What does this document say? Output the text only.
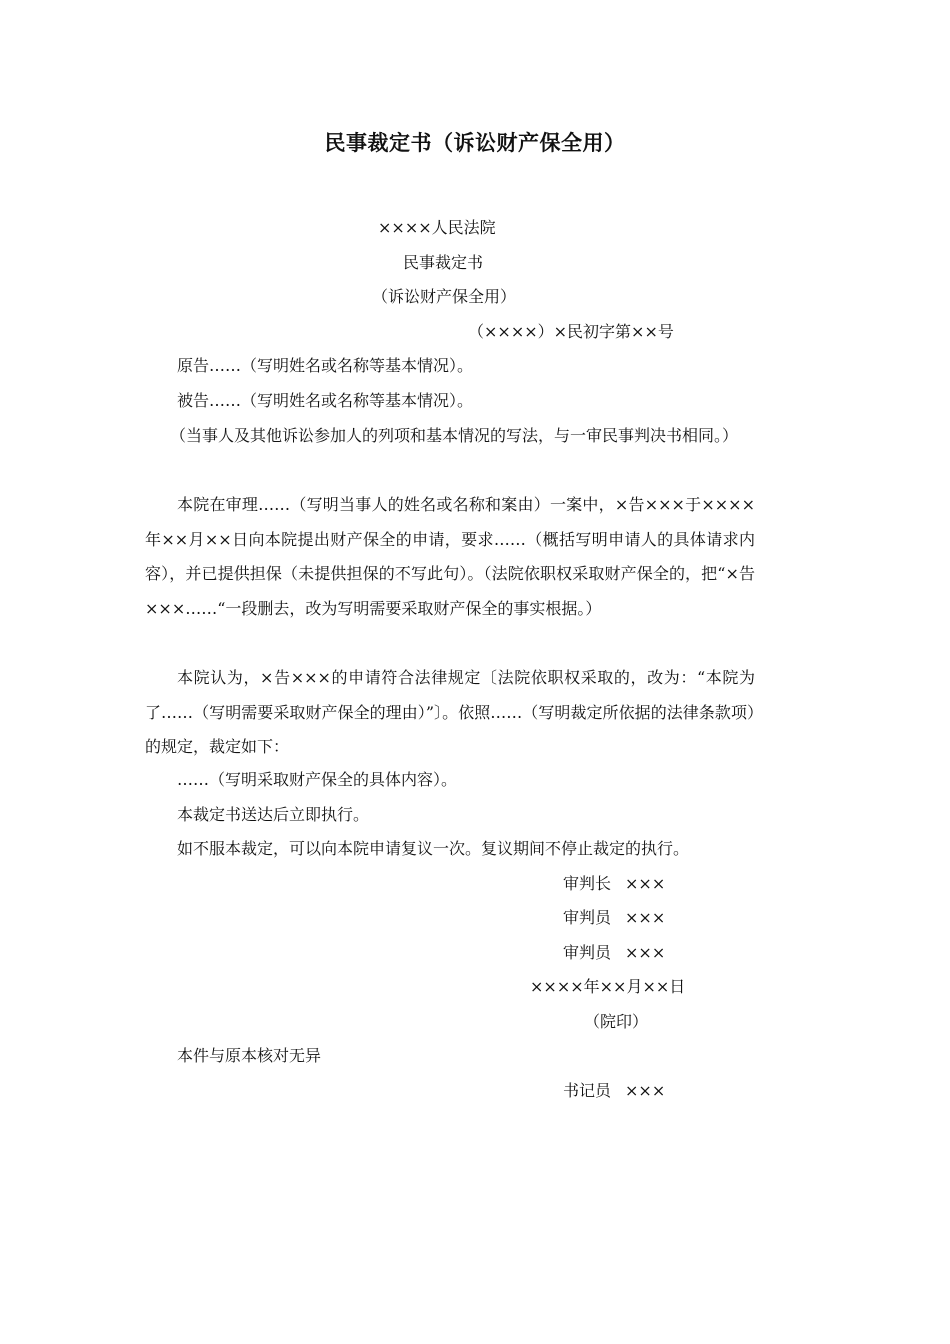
民事裁定书（诉讼财产保全用）
××××人民法院
民事裁定书
（诉讼财产保全用）
（××××）×民初字第××号
原告……（写明姓名或名称等基本情况）。
被告……（写明姓名或名称等基本情况）。
（当事人及其他诉讼参加人的列项和基本情况的写法，与一审民事判决书相同。）
本院在审理……（写明当事人的姓名或名称和案由）一案中，×告×××于××××年××月××日向本院提出财产保全的申请，要求……（概括写明申请人的具体请求内容），并已提供担保（未提供担保的不写此句）。（法院依职权采取财产保全的，把“×告×××……“一段删去，改为写明需要采取财产保全的事实根据。）
本院认为，×告×××的申请符合法律规定〔法院依职权采取的，改为：“本院为了……（写明需要采取财产保全的理由）”〕。依照……（写明裁定所依据的法律条款项）的规定，裁定如下：
……（写明采取财产保全的具体内容）。
本裁定书送达后立即执行。
如不服本裁定，可以向本院申请复议一次。复议期间不停止裁定的执行。
审判长 ×××
审判员 ×××
审判员 ×××
××××年××月××日
（院印）
本件与原本核对无异
书记员 ×××
